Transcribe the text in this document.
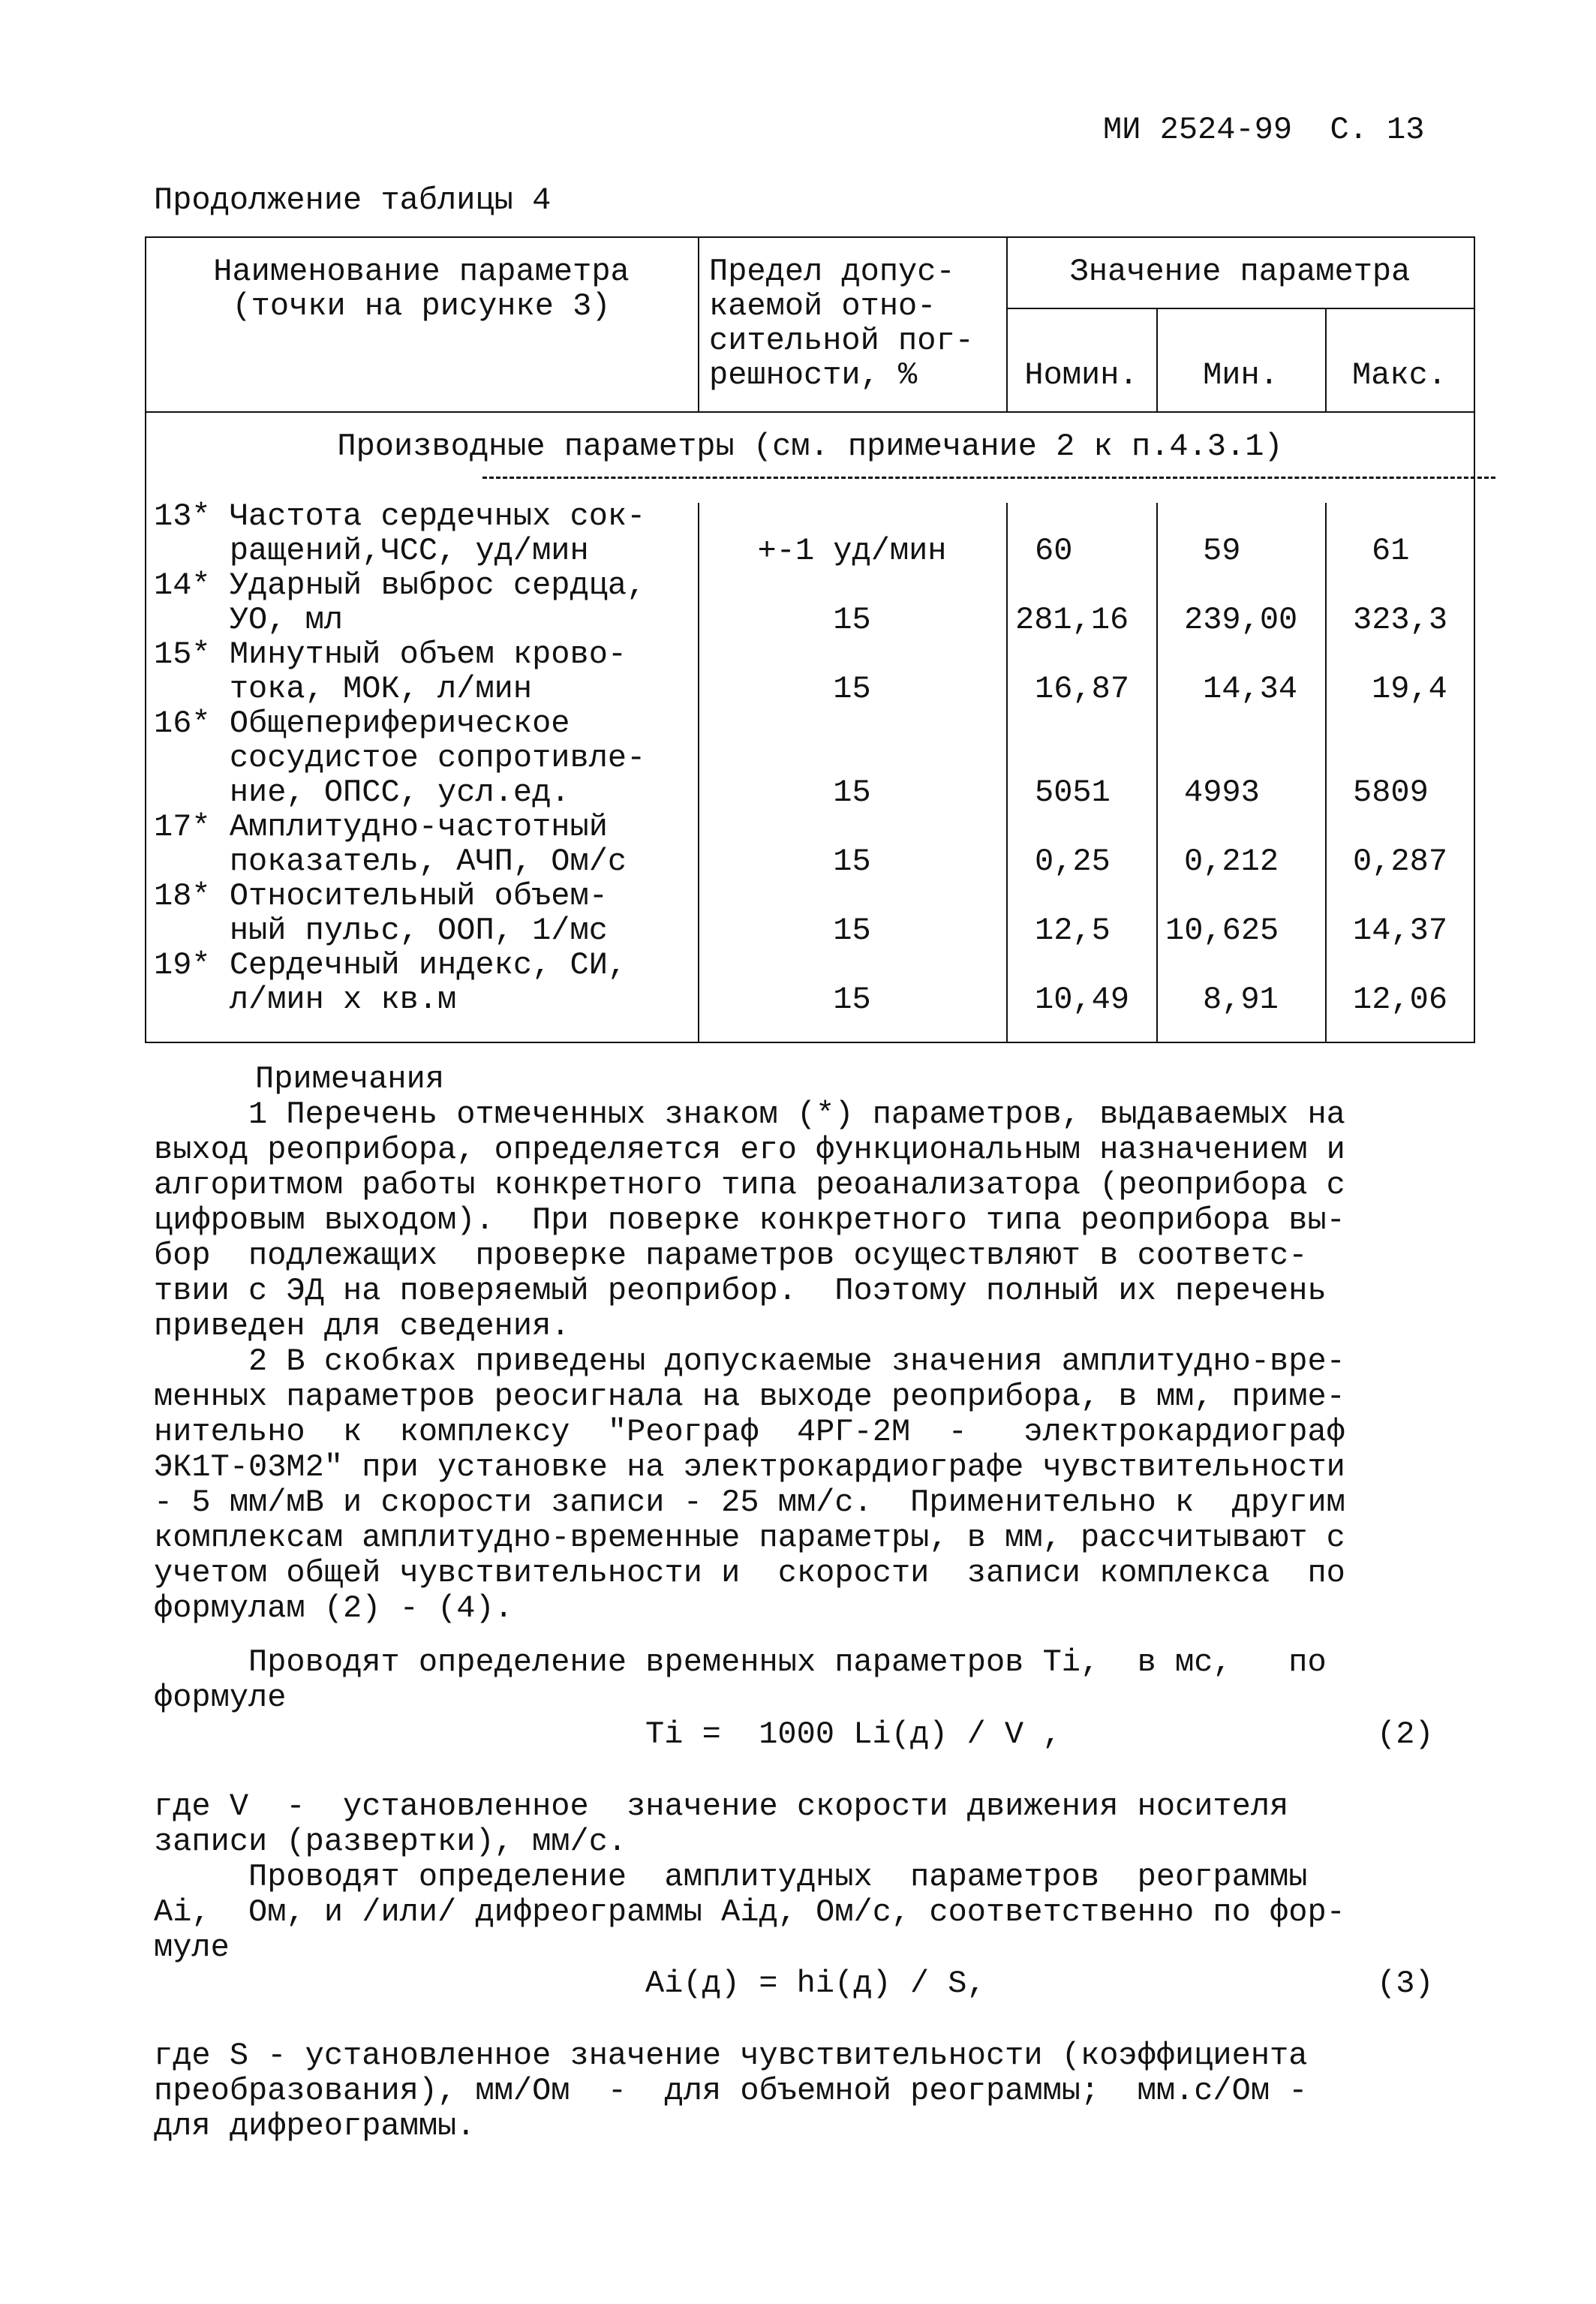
МИ 2524-99  С. 13
Продолжение таблицы 4
Наименование параметра
(точки на рисунке 3)
Предел допус-
каемой отно-
сительной пог-
решности, %
Значение параметра
Номин.	Мин.	Макс.
Производные параметры (см. примечание 2 к п.4.3.1)
13* Частота сердечных сок-
ращений,ЧСС, уд/мин	+-1 уд/мин	60	59	61
14* Ударный выброс сердца,
УО, мл	15	281,16 239,00 323,3
15* Минутный объем крово-
тока, МОК, л/мин	15	16,87 14,34 19,4
16* Общепериферическое
сосудистое сопротивле-
ние, ОПСС, усл.ед.	15	5051 4993	5809
17* Амплитудно-частотный
показатель, АЧП, Ом/с	15	0,25 0,212 0,287
18* Относительный объем-
ный пульс, ООП, 1/мс	15	12,5 10,625 14,37
19* Сердечный индекс, СИ,
л/мин x кв.м	15	10,49 8,91 12,06
Примечания
1 Перечень отмеченных знаком (*) параметров, выдаваемых на
выход реоприбора, определяется его функциональным назначением и
алгоритмом работы конкретного типа реоанализатора (реоприбора с
цифровым выходом).  При поверке конкретного типа реоприбора вы-
бор  подлежащих  проверке параметров осуществляют в соответс-
твии с ЭД на поверяемый реоприбор.  Поэтому полный их перечень
приведен для сведения.
2 В скобках приведены допускаемые значения амплитудно-вре-
менных параметров реосигнала на выходе реоприбора, в мм, приме-
нительно  к  комплексу  "Реограф  4РГ-2М  -   электрокардиограф
ЭК1Т-03М2" при установке на электрокардиографе чувствительности
- 5 мм/мВ и скорости записи - 25 мм/с.  Применительно к  другим
комплексам амплитудно-временные параметры, в мм, рассчитывают с
учетом общей чувствительности и  скорости  записи комплекса  по
формулам (2) - (4).
Проводят определение временных параметров Ti,  в мс,   по
формуле
Ti =  1000 Li(д) / V ,	(2)
где V  -  установленное  значение скорости движения носителя
записи (развертки), мм/с.
Проводят определение  амплитудных  параметров  реограммы
Ai,  Ом, и /или/ дифреограммы Aiд, Ом/с, соответственно по фор-
муле
Ai(д) = hi(д) / S,	(3)
где S - установленное значение чувствительности (коэффициента
преобразования), мм/Ом  -  для объемной реограммы;  мм.с/Ом -
для дифреограммы.
